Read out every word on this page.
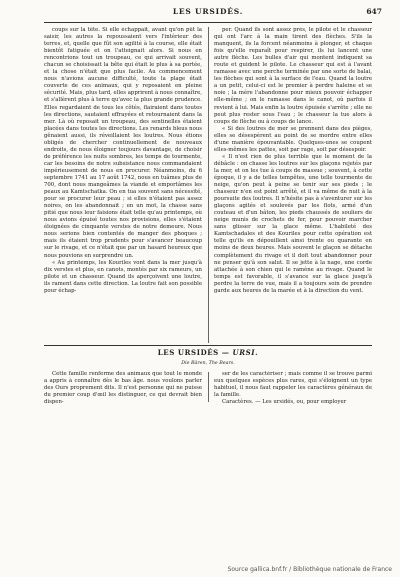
LES URSIDÉS.	647

coups sur la tête. Si elle échappait, avant qu'on pût la saisir, les autres la repoussaient vers l'intérieur des terres, et, quelle que fût son agilité à la course, elle était bientôt fatiguée et on l'atteignait alors. Si nous en rencontrions tout un troupeau, ce qui arrivait souvent, chacun se choisissait la bête qui était le plus à sa portée, et la chose n'était que plus facile. Au commencement nous n'avions aucune difficulté, toute la plage était couverte de ces animaux, qui y reposaient en pleine sécurité. Mais, plus tard, elles apprirent à nous connaître, et s'allèrent plus à terre qu'avec la plus grande prudence. Elles regardaient de tous les côtés, flairaient dans toutes les directions, sautaient effrayées et retournaient dans la mer. Là où reposait un troupeau, des sentinelles étaient placées dans toutes les directions. Les renards bleus nous gênaient aussi, ils réveillaient les loutres. Nous étions obligés de chercher continuellement de nouveaux endroits, de nous éloigner toujours davantage, de choisir de préférence les nuits sombres, les temps de tourmente, car les besoins de notre subsistance nous commandaient impérieusement de nous en procurer. Néanmoins, du 6 septembre 1741 au 17 août 1742, nous en tuâmes plus de 700, dont nous mangeâmes la viande et emportâmes les peaux au Kamtschatka. On en tua souvent sans nécessité, pour se procurer leur peau ; si elles n'étaient pas assez noires, on les abandonnait ; en un mot, la chasse sans pitié que nous leur faisions était telle qu'au printemps, où nous avions épuisé toutes nos provisions, elles s'étaient éloignées de cinquante verstes de notre demeure. Nous nous serions bien contentés de manger des phoques ; mais ils étaient trop prudents pour s'avancer beaucoup sur le rivage, et ce n'était que par un hasard heureux que nous pouvions en surprendre un.

« Au printemps, les Kouriles vont dans la mer jusqu'à dix verstes et plus, en canots, montés par six rameurs, un pilote et un chasseur. Quand ils aperçoivent une loutre, ils rament dans cette direction. La loutre fait son possible pour échap-

per. Quand ils sont assez près, le pilote et le chasseur qui ont l'arc à la main tirent des flèches. S'ils la manquent, ils la forcent néanmoins à plonger, et chaque fois qu'elle reparaît pour respirer, ils lui lancent une autre flèche. Les bulles d'air qui montent indiquent sa route et guident le pilote. Le chasseur qui est à l'avant ramasse avec une perche terminée par une sorte de balai, les flèches qui sont à la surface de l'eau. Quand la loutre a un petit, celui-ci est le premier à perdre haleine et se noie ; la mère l'abandonne pour mieux pouvoir échapper elle-même ; on le ramasse dans le canot, où parfois il revient à lui. Mais enfin la loutre épuisée s'arrête ; elle ne peut plus rester sous l'eau ; le chasseur la tue alors à coups de flèche ou à coups de lance.

« Si des loutres de mer se prennent dans des pièges, elles se désespèrent au point de se mordre entre elles d'une manière épouvantable. Quelques-unes se coupent elles-mêmes les pattes, soit par rage, soit par désespoir.

« Il n'est rien de plus terrible que le moment de la débâcle : on chasse les loutres sur les glaçons rejetés par la mer, et on les tue à coups de massue ; souvent, à cette époque, il y a de telles tempêtes, une telle tourmente de neige, qu'on peut à peine se tenir sur ses pieds ; le chasseur n'en est point arrêté, et il va même de nuit à la poursuite des loutres. Il n'hésite pas à s'aventurer sur les glaçons agités et soulevés par les flots, armé d'un couteau et d'un bâton, les pieds chaussés de souliers de neige munis de crochets de fer, pour pouvoir marcher sans glisser sur la glace même. L'habileté des Kamtschadales et des Kouriles pour cette opération est telle qu'ils en dépouillent ainsi trente ou quarante en moins de deux heures. Mais souvent le glaçon se détache complètement du rivage et il doit tout abandonner pour ne penser qu'à son salut. Il se jette à la nage, une corde attachée à son chien qui le ramène au rivage. Quand le temps est favorable, il s'avance sur la glace jusqu'à perdre la terre de vue, mais il a toujours soin de prendre garde aux heures de la marée et à la direction du vent.

LES URSIDÉS — URSI.
Die Bären, The Bears.

Cette famille renferme des animaux que tout le monde a appris à connaître dès le bas âge. nous voulons parler des Ours proprement dits. Il n'est personne qui ne puisse du premier coup d'œil les distinguer, ce qui devrait bien dispen-

ser de les caractériser ; mais comme il se trouve parmi eux quelques espèces plus rares, qui s'éloignent un type habituel, il nous faut rappeler les caractères généraux de la famille.

Caractères. — Les ursidés, ou, pour employer

Source gallica.bnf.fr / Bibliothèque nationale de France
